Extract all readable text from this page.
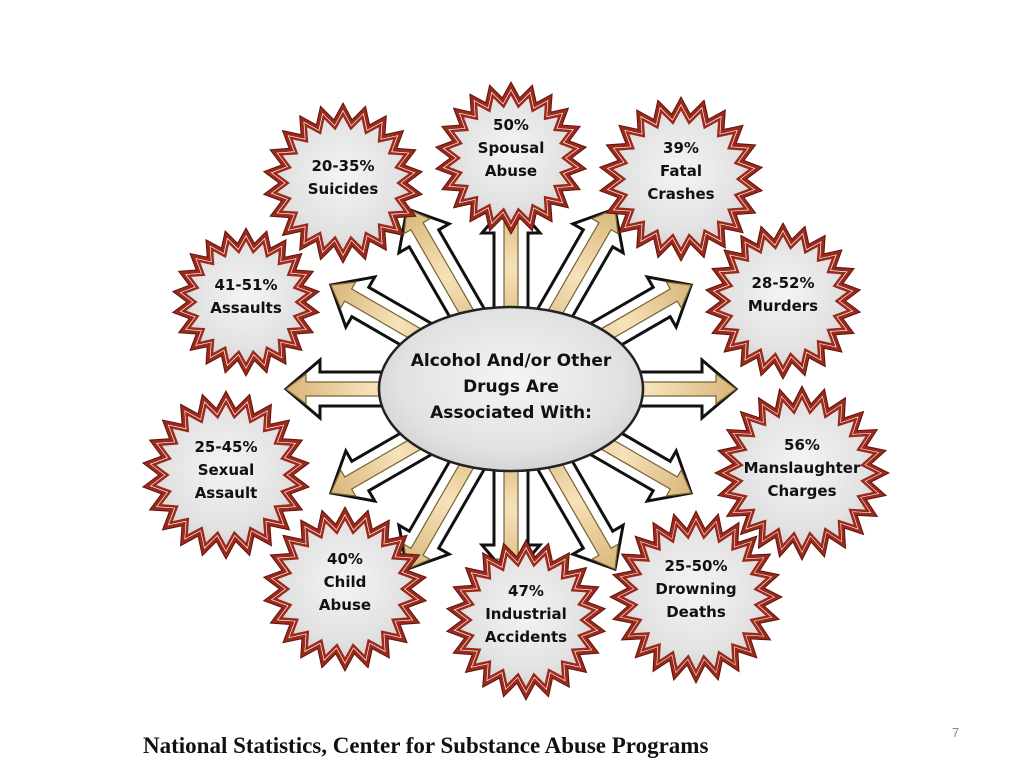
Alcohol And/or Other
Drugs Are
Associated With:
50%
Spousal
Abuse
39%
Fatal
Crashes
28-52%
Murders
56%
Manslaughter
Charges
25-50%
Drowning
Deaths
47%
Industrial
Accidents
40%
Child
Abuse
25-45%
Sexual
Assault
41-51%
Assaults
20-35%
Suicides
National Statistics, Center for Substance Abuse Programs
7
